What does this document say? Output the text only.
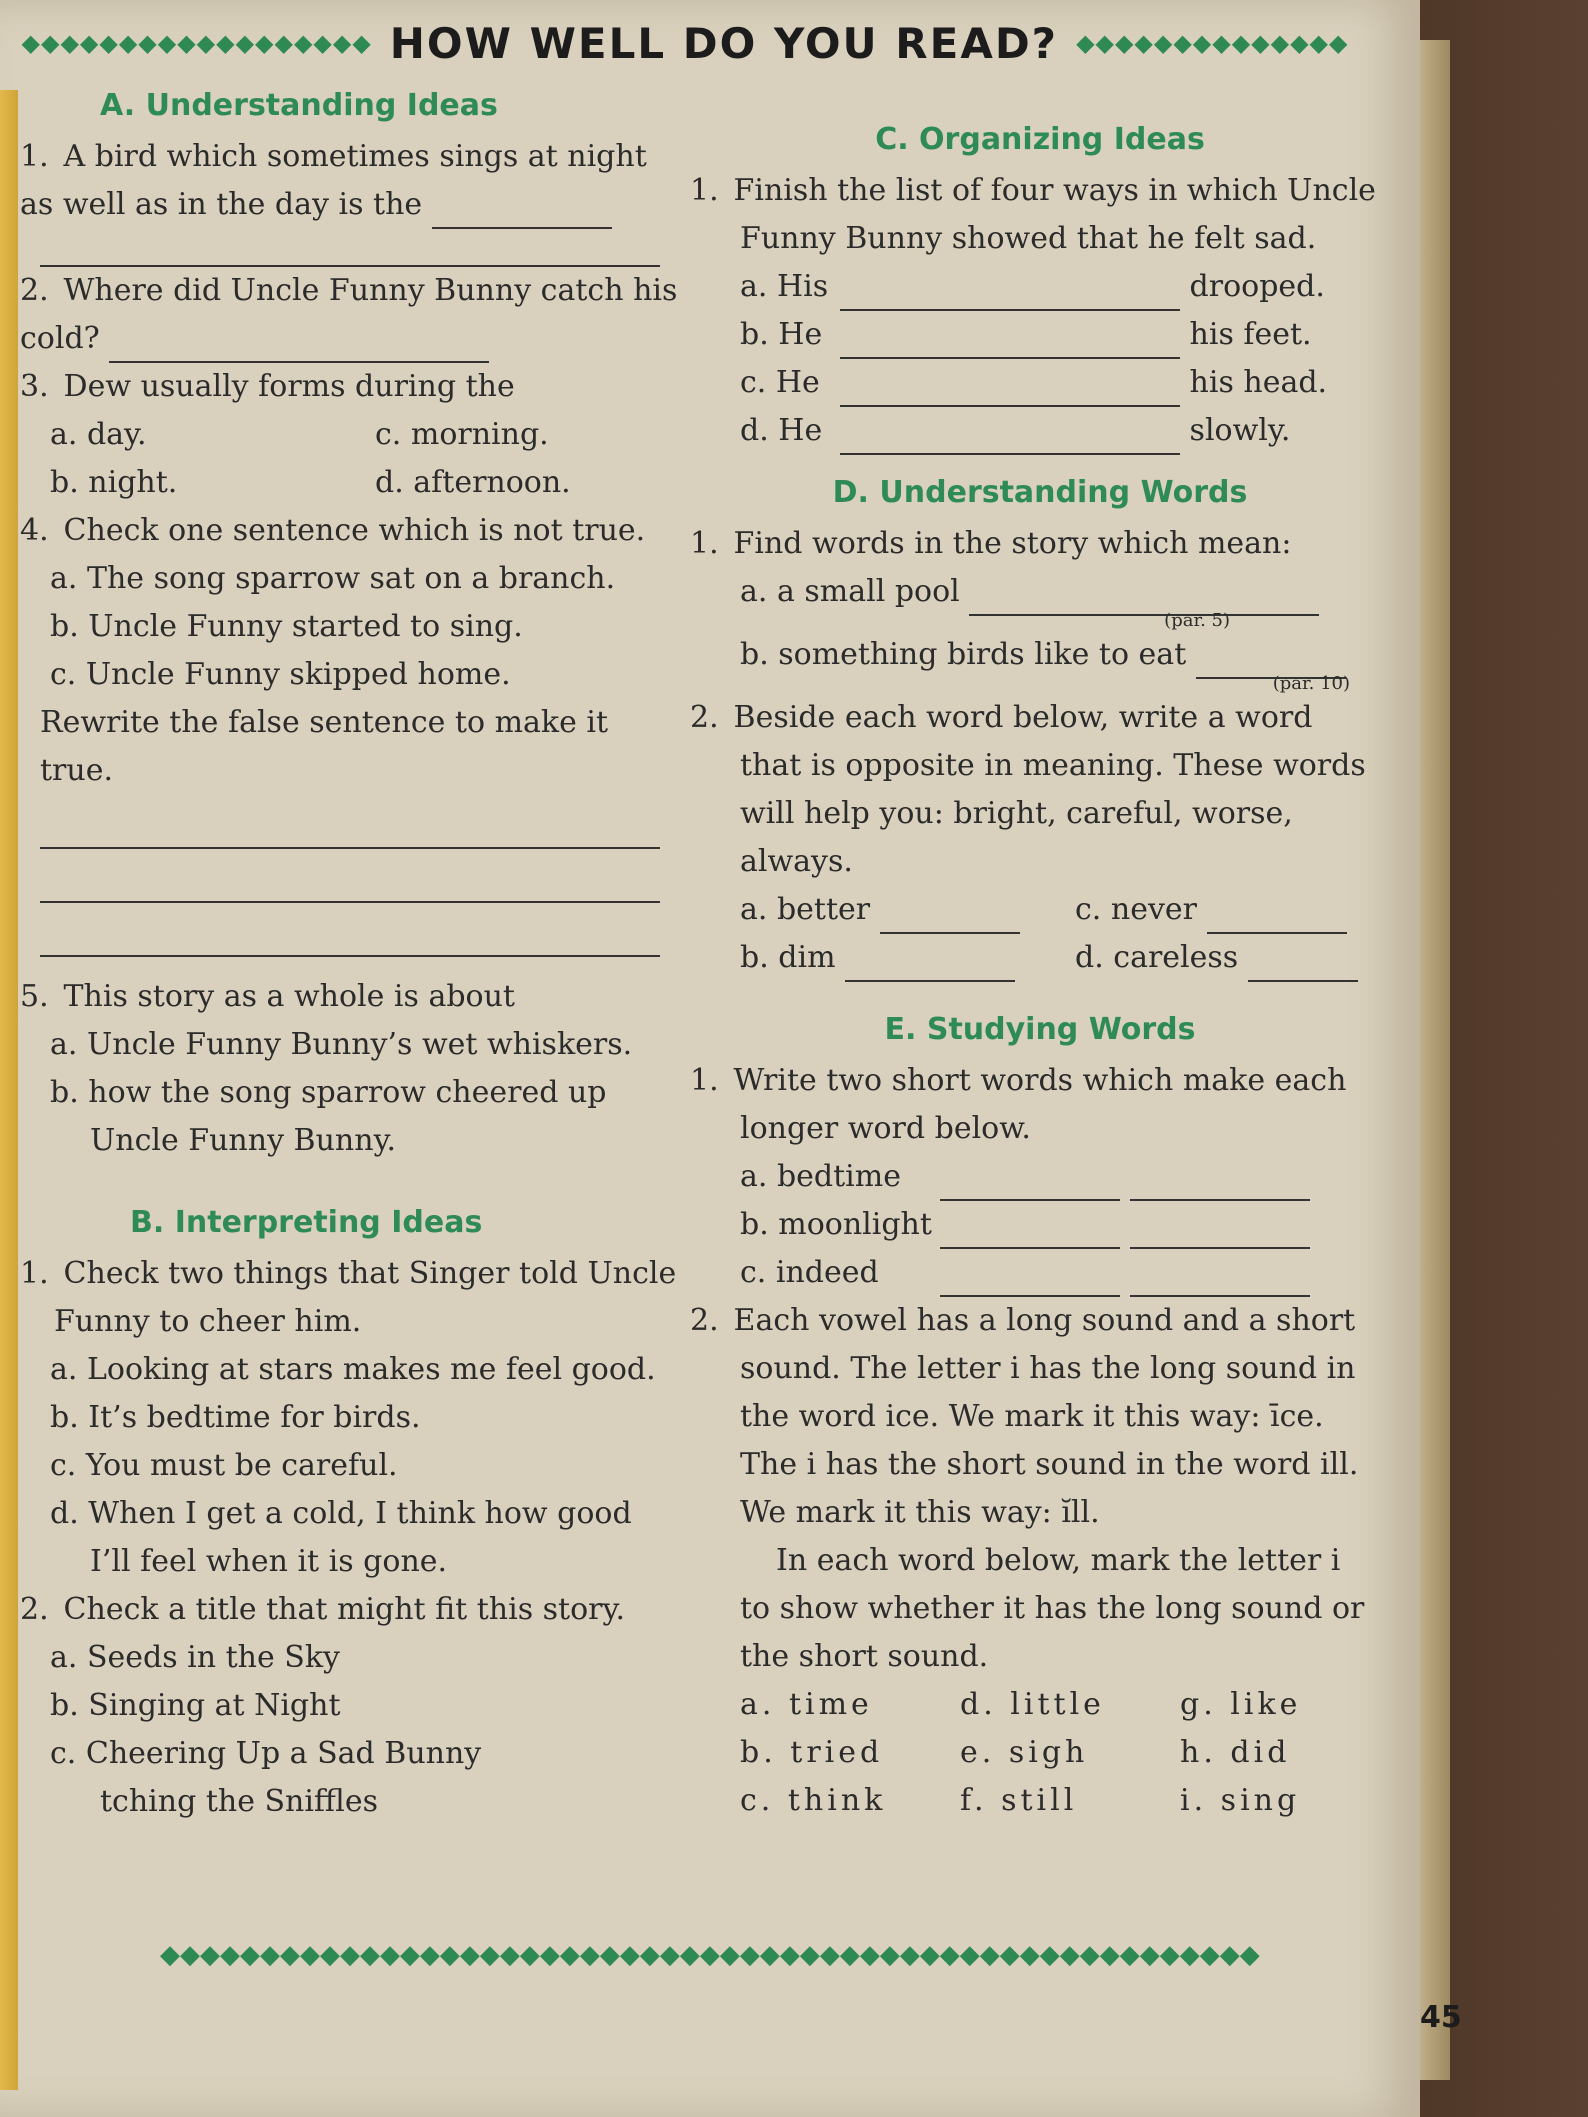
◆◆◆◆◆◆◆◆◆◆◆◆◆◆◆◆◆◆ HOW WELL DO YOU READ? ◆◆◆◆◆◆◆◆◆◆◆◆◆◆
A. Understanding Ideas
1. A bird which sometimes sings at night as well as in the day is the
2. Where did Uncle Funny Bunny catch his cold?
3. Dew usually forms during the
a. day.	c. morning.
b. night.	d. afternoon.
4. Check one sentence which is not true.
a. The song sparrow sat on a branch.
b. Uncle Funny started to sing.
c. Uncle Funny skipped home.
Rewrite the false sentence to make it true.
5. This story as a whole is about
a. Uncle Funny Bunny’s wet whiskers.
b. how the song sparrow cheered up
Uncle Funny Bunny.
B. Interpreting Ideas
1. Check two things that Singer told Uncle
Funny to cheer him.
a. Looking at stars makes me feel good.
b. It’s bedtime for birds.
c. You must be careful.
d. When I get a cold, I think how good
I’ll feel when it is gone.
2. Check a title that might fit this story.
a. Seeds in the Sky
b. Singing at Night
c. Cheering Up a Sad Bunny
tching the Sniffles
C. Organizing Ideas
1. Finish the list of four ways in which Uncle
Funny Bunny showed that he felt sad.
a. His	drooped.
b. He	his feet.
c. He	his head.
d. He	slowly.
D. Understanding Words
1. Find words in the story which mean:
a. a small pool
(par. 5)
b. something birds like to eat
(par. 10)
2. Beside each word below, write a word
that is opposite in meaning. These words
will help you: bright, careful, worse,
always.
a. better	c. never
b. dim	d. careless
E. Studying Words
1. Write two short words which make each
longer word below.
a. bedtime
b. moonlight
c. indeed
2. Each vowel has a long sound and a short
sound. The letter i has the long sound in
the word ice. We mark it this way: īce.
The i has the short sound in the word ill.
We mark it this way: ĭll.
In each word below, mark the letter i
to show whether it has the long sound or
the short sound.
a. time	d. little	g. like
b. tried	e. sigh	h. did
c. think	f. still	i. sing
◆◆◆◆◆◆◆◆◆◆◆◆◆◆◆◆◆◆◆◆◆◆◆◆◆◆◆◆◆◆◆◆◆◆◆◆◆◆◆◆◆◆◆◆◆◆◆◆◆◆◆◆◆◆◆
45
